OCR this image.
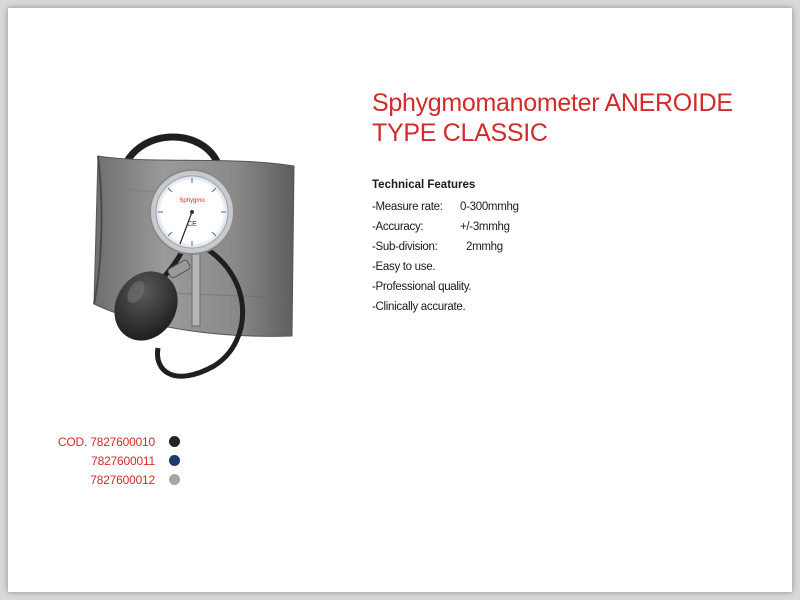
Sphygmo
CE
Sphygmomanometer ANEROIDE
TYPE CLASSIC
Technical Features
-Measure rate:	0-300mmhg
-Accuracy:	+/-3mmhg
-Sub-division:	2mmhg
-Easy to use.
-Professional quality.
-Clinically accurate.
COD. 7827600010
7827600011
7827600012
